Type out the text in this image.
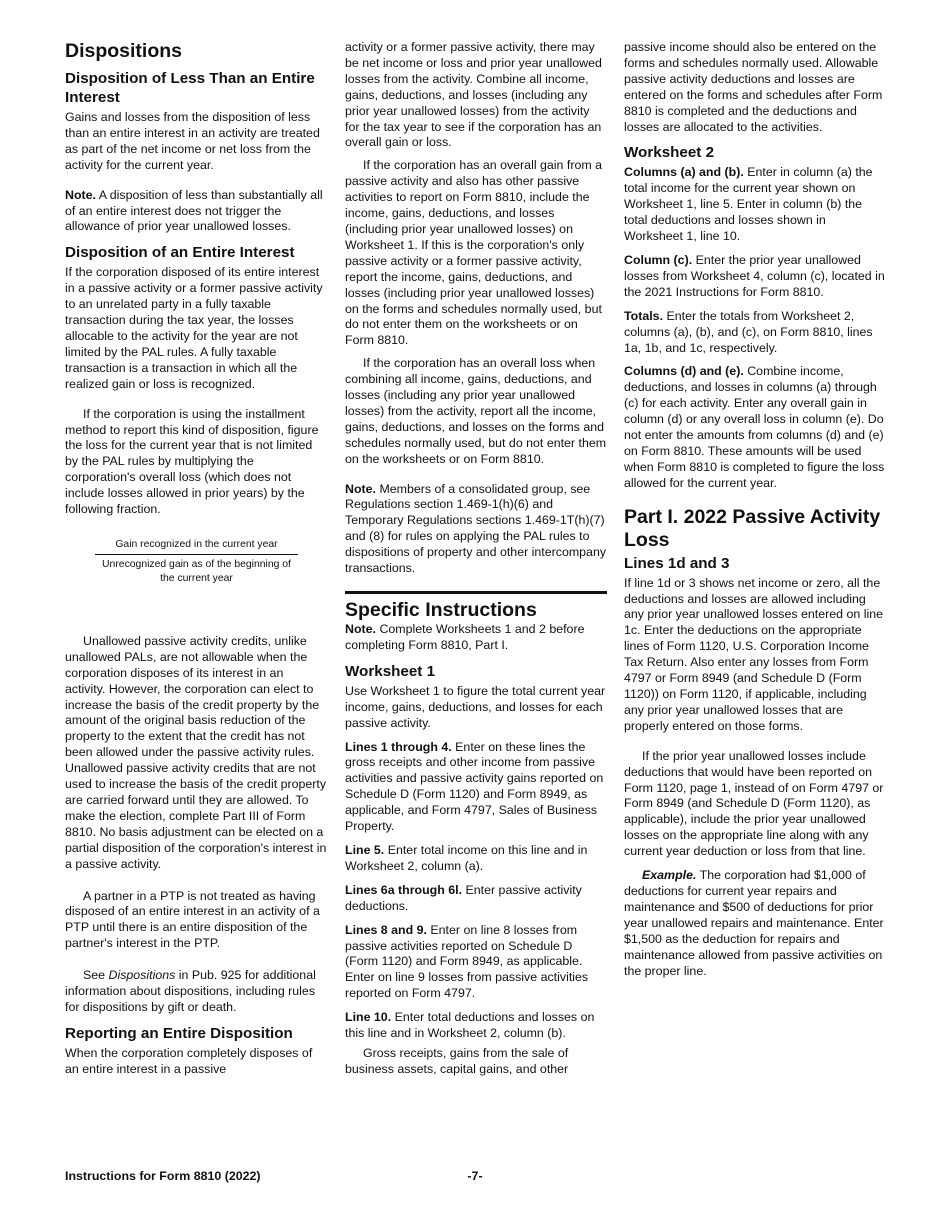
Dispositions
Disposition of Less Than an Entire Interest

Gains and losses from the disposition of less than an entire interest in an activity are treated as part of the net income or net loss from the activity for the current year.

Note. A disposition of less than substantially all of an entire interest does not trigger the allowance of prior year unallowed losses.

Disposition of an Entire Interest

If the corporation disposed of its entire interest in a passive activity or a former passive activity to an unrelated party in a fully taxable transaction during the tax year, the losses allocable to the activity for the year are not limited by the PAL rules. A fully taxable transaction is a transaction in which all the realized gain or loss is recognized.

If the corporation is using the installment method to report this kind of disposition, figure the loss for the current year that is not limited by the PAL rules by multiplying the corporation's overall loss (which does not include losses allowed in prior years) by the following fraction.

Gain recognized in the current year
Unrecognized gain as of the beginning of the current year

Unallowed passive activity credits, unlike unallowed PALs, are not allowable when the corporation disposes of its interest in an activity. However, the corporation can elect to increase the basis of the credit property by the amount of the original basis reduction of the property to the extent that the credit has not been allowed under the passive activity rules. Unallowed passive activity credits that are not used to increase the basis of the credit property are carried forward until they are allowed. To make the election, complete Part III of Form 8810. No basis adjustment can be elected on a partial disposition of the corporation's interest in a passive activity.

A partner in a PTP is not treated as having disposed of an entire interest in an activity of a PTP until there is an entire disposition of the partner's interest in the PTP.

See Dispositions in Pub. 925 for additional information about dispositions, including rules for dispositions by gift or death.

Reporting an Entire Disposition

When the corporation completely disposes of an entire interest in a passive

activity or a former passive activity, there may be net income or loss and prior year unallowed losses from the activity. Combine all income, gains, deductions, and losses (including any prior year unallowed losses) from the activity for the tax year to see if the corporation has an overall gain or loss.

If the corporation has an overall gain from a passive activity and also has other passive activities to report on Form 8810, include the income, gains, deductions, and losses (including prior year unallowed losses) on Worksheet 1. If this is the corporation's only passive activity or a former passive activity, report the income, gains, deductions, and losses (including prior year unallowed losses) on the forms and schedules normally used, but do not enter them on the worksheets or on Form 8810.

If the corporation has an overall loss when combining all income, gains, deductions, and losses (including any prior year unallowed losses) from the activity, report all the income, gains, deductions, and losses on the forms and schedules normally used, but do not enter them on the worksheets or on Form 8810.

Note. Members of a consolidated group, see Regulations section 1.469-1(h)(6) and Temporary Regulations sections 1.469-1T(h)(7) and (8) for rules on applying the PAL rules to dispositions of property and other intercompany transactions.

Specific Instructions

Note. Complete Worksheets 1 and 2 before completing Form 8810, Part I.

Worksheet 1

Use Worksheet 1 to figure the total current year income, gains, deductions, and losses for each passive activity.

Lines 1 through 4. Enter on these lines the gross receipts and other income from passive activities and passive activity gains reported on Schedule D (Form 1120) and Form 8949, as applicable, and Form 4797, Sales of Business Property.

Line 5. Enter total income on this line and in Worksheet 2, column (a).

Lines 6a through 6l. Enter passive activity deductions.

Lines 8 and 9. Enter on line 8 losses from passive activities reported on Schedule D (Form 1120) and Form 8949, as applicable. Enter on line 9 losses from passive activities reported on Form 4797.

Line 10. Enter total deductions and losses on this line and in Worksheet 2, column (b).

Gross receipts, gains from the sale of business assets, capital gains, and other

passive income should also be entered on the forms and schedules normally used. Allowable passive activity deductions and losses are entered on the forms and schedules after Form 8810 is completed and the deductions and losses are allocated to the activities.

Worksheet 2

Columns (a) and (b). Enter in column (a) the total income for the current year shown on Worksheet 1, line 5. Enter in column (b) the total deductions and losses shown in Worksheet 1, line 10.

Column (c). Enter the prior year unallowed losses from Worksheet 4, column (c), located in the 2021 Instructions for Form 8810.

Totals. Enter the totals from Worksheet 2, columns (a), (b), and (c), on Form 8810, lines 1a, 1b, and 1c, respectively.

Columns (d) and (e). Combine income, deductions, and losses in columns (a) through (c) for each activity. Enter any overall gain in column (d) or any overall loss in column (e). Do not enter the amounts from columns (d) and (e) on Form 8810. These amounts will be used when Form 8810 is completed to figure the loss allowed for the current year.

Part I. 2022 Passive Activity Loss
Lines 1d and 3

If line 1d or 3 shows net income or zero, all the deductions and losses are allowed including any prior year unallowed losses entered on line 1c. Enter the deductions on the appropriate lines of Form 1120, U.S. Corporation Income Tax Return. Also enter any losses from Form 4797 or Form 8949 (and Schedule D (Form 1120)) on Form 1120, if applicable, including any prior year unallowed losses that are properly entered on those forms.

If the prior year unallowed losses include deductions that would have been reported on Form 1120, page 1, instead of on Form 4797 or Form 8949 (and Schedule D (Form 1120), as applicable), include the prior year unallowed losses on the appropriate line along with any current year deduction or loss from that line.

Example. The corporation had $1,000 of deductions for current year repairs and maintenance and $500 of deductions for prior year unallowed repairs and maintenance. Enter $1,500 as the deduction for repairs and maintenance allowed from passive activities on the proper line.

-7-
Instructions for Form 8810 (2022)
